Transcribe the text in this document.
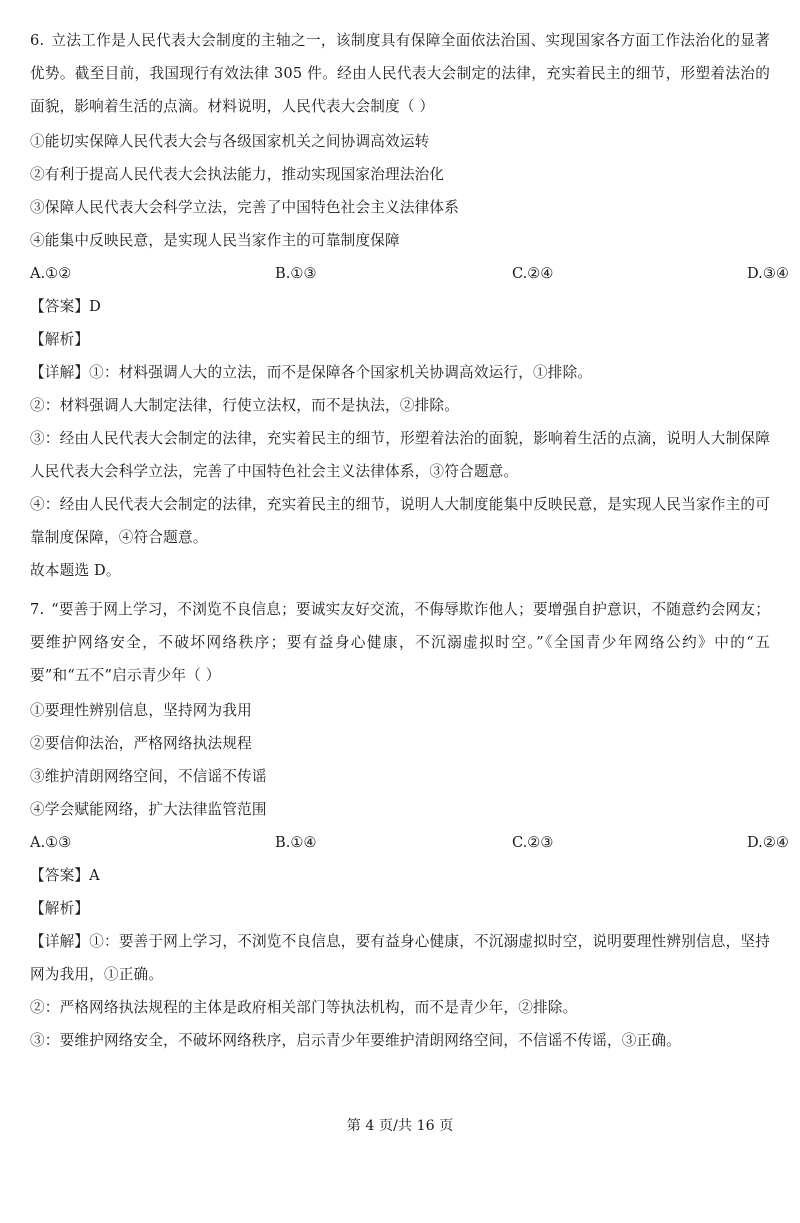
6. 立法工作是人民代表大会制度的主轴之一，该制度具有保障全面依法治国、实现国家各方面工作法治化的显著优势。截至目前，我国现行有效法律 305 件。经由人民代表大会制定的法律，充实着民主的细节，形塑着法治的面貌，影响着生活的点滴。材料说明，人民代表大会制度（ ）

①能切实保障人民代表大会与各级国家机关之间协调高效运转

②有利于提高人民代表大会执法能力，推动实现国家治理法治化

③保障人民代表大会科学立法，完善了中国特色社会主义法律体系

④能集中反映民意，是实现人民当家作主的可靠制度保障

A.①②	B.①③	C.②④	D.③④

【答案】D

【解析】

【详解】①：材料强调人大的立法，而不是保障各个国家机关协调高效运行，①排除。

②：材料强调人大制定法律，行使立法权，而不是执法，②排除。

③：经由人民代表大会制定的法律，充实着民主的细节，形塑着法治的面貌，影响着生活的点滴，说明人大制保障人民代表大会科学立法，完善了中国特色社会主义法律体系，③符合题意。

④：经由人民代表大会制定的法律，充实着民主的细节，说明人大制度能集中反映民意，是实现人民当家作主的可靠制度保障，④符合题意。

故本题选 D。

7. “要善于网上学习，不浏览不良信息；要诚实友好交流，不侮辱欺诈他人；要增强自护意识，不随意约会网友；要维护网络安全，不破坏网络秩序；要有益身心健康，不沉溺虚拟时空。”《全国青少年网络公约》中的“五要”和“五不”启示青少年（ ）

①要理性辨别信息，坚持网为我用

②要信仰法治，严格网络执法规程

③维护清朗网络空间，不信谣不传谣

④学会赋能网络，扩大法律监管范围

A.①③	B.①④	C.②③	D.②④

【答案】A

【解析】

【详解】①：要善于网上学习，不浏览不良信息，要有益身心健康，不沉溺虚拟时空，说明要理性辨别信息，坚持网为我用，①正确。

②：严格网络执法规程的主体是政府相关部门等执法机构，而不是青少年，②排除。

③：要维护网络安全，不破坏网络秩序，启示青少年要维护清朗网络空间，不信谣不传谣，③正确。

第 4 页/共 16 页
